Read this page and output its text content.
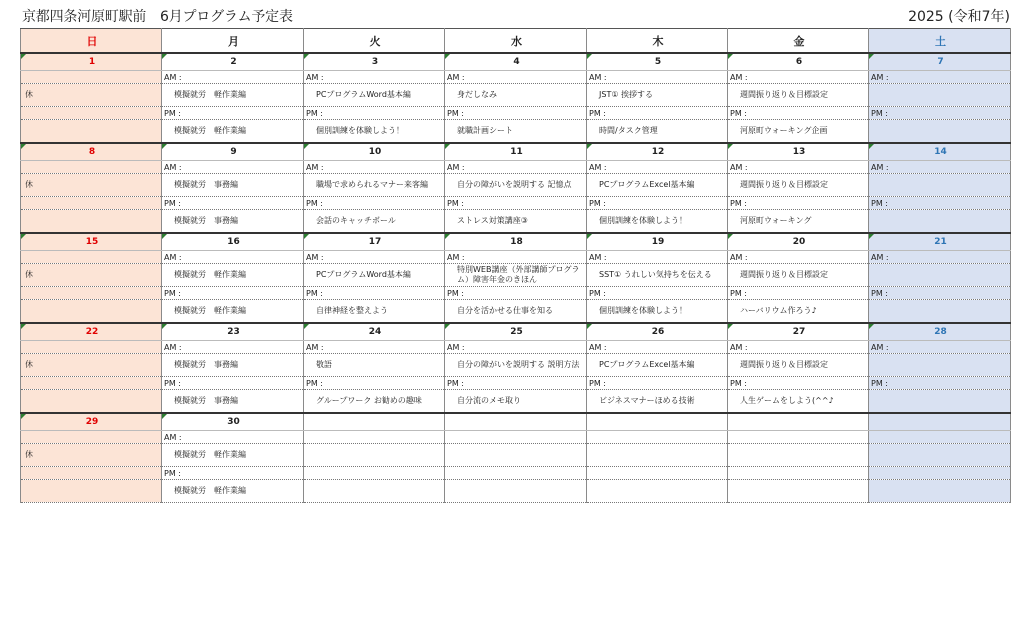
京都四条河原町駅前　6月プログラム予定表	2025 (令和7年)
日	月	火	水	木	金	土
1	2	3	4	5	6	7
	AM :	AM :	AM :	AM :	AM :	AM :
休	模擬就労　軽作業編	PCプログラムWord基本編	身だしなみ	JST① 挨拶する	週間振り返り＆目標設定	
	PM :	PM :	PM :	PM :	PM :	PM :
	模擬就労　軽作業編	個別訓練を体験しよう！	就職計画シート	時間/タスク管理	河原町ウォーキング企画	
8	9	10	11	12	13	14
	AM :	AM :	AM :	AM :	AM :	AM :
休	模擬就労　事務編	職場で求められるマナー来客編	自分の障がいを説明する 記憶点	PCプログラムExcel基本編	週間振り返り＆目標設定	
	PM :	PM :	PM :	PM :	PM :	PM :
	模擬就労　事務編	会話のキャッチボール	ストレス対策講座③	個別訓練を体験しよう！	河原町ウォーキング	
15	16	17	18	19	20	21
	AM :	AM :	AM :	AM :	AM :	AM :
休	模擬就労　軽作業編	PCプログラムWord基本編	特別WEB講座（外部講師プログラム）障害年金のきほん	SST① うれしい気持ちを伝える	週間振り返り＆目標設定	
	PM :	PM :	PM :	PM :	PM :	PM :
	模擬就労　軽作業編	自律神経を整えよう	自分を活かせる仕事を知る	個別訓練を体験しよう！	ハーバリウム作ろう♪	
22	23	24	25	26	27	28
	AM :	AM :	AM :	AM :	AM :	AM :
休	模擬就労　事務編	敬語	自分の障がいを説明する 説明方法	PCプログラムExcel基本編	週間振り返り＆目標設定	
	PM :	PM :	PM :	PM :	PM :	PM :
	模擬就労　事務編	グループワーク お勧めの趣味	自分流のメモ取り	ビジネスマナーほめる技術	人生ゲームをしよう(^^♪	
29	30					
	AM :					
休	模擬就労　軽作業編					
	PM :					
	模擬就労　軽作業編					
